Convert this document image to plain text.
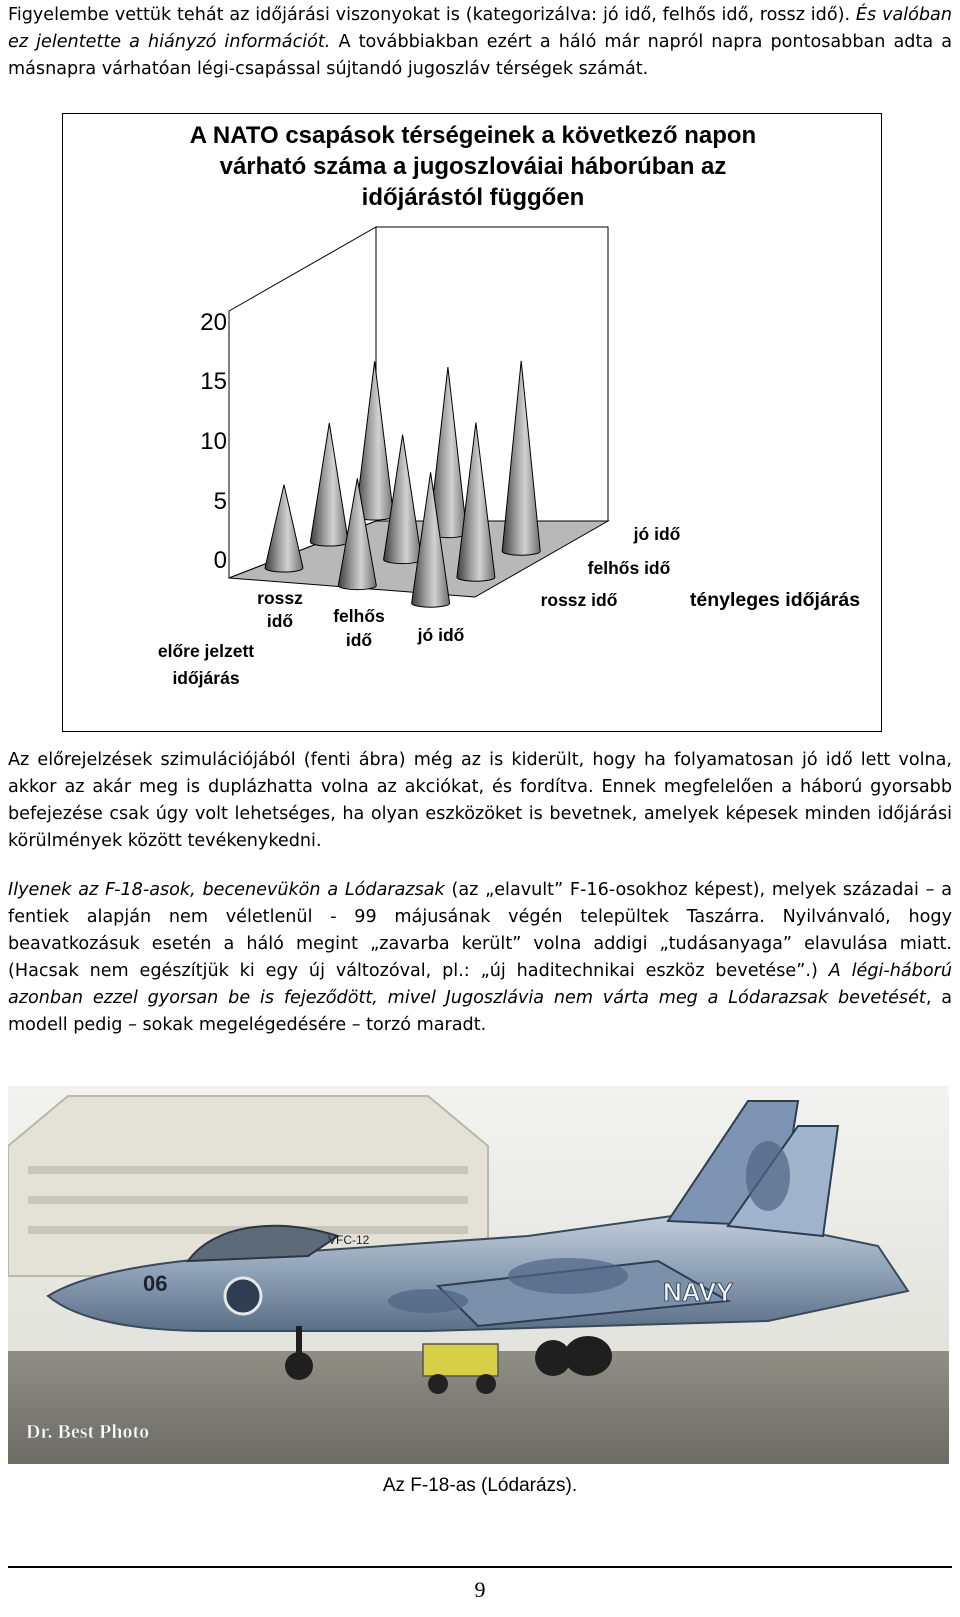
Figyelembe vettük tehát az időjárási viszonyokat is (kategorizálva: jó idő, felhős idő, rossz idő). És valóban ez jelentette a hiányzó információt. A továbbiakban ezért a háló már napról napra pontosabban adta a másnapra várhatóan légi-csapással sújtandó jugoszláv térségek számát.

A NATO csapások térségeinek a következő napon
várható száma a jugoszlováiai háborúban az
időjárástól függően
20
15
10
5
0
rossz
idő felhős
idő	jó idő
előre jelzett
időjárás
jó idő
felhős idő
rossz idő	tényleges időjárás

Az előrejelzések szimulációjából (fenti ábra) még az is kiderült, hogy ha folyamatosan jó idő lett volna, akkor az akár meg is duplázhatta volna az akciókat, és fordítva. Ennek megfelelően a háború gyorsabb befejezése csak úgy volt lehetséges, ha olyan eszközöket is bevetnek, amelyek képesek minden időjárási körülmények között tevékenykedni.

Ilyenek az F-18-asok, becenevükön a Lódarazsak (az „elavult” F-16-osokhoz képest), melyek századai – a fentiek alapján nem véletlenül - 99 májusának végén települtek Taszárra. Nyilvánvaló, hogy beavatkozásuk esetén a háló megint „zavarba került” volna addigi „tudásanyaga” elavulása miatt. (Hacsak nem egészítjük ki egy új változóval, pl.: „új haditechnikai eszköz bevetése”.) A légi-háború azonban ezzel gyorsan be is fejeződött, mivel Jugoszlávia nem várta meg a Lódarazsak bevetését, a modell pedig – sokak megelégedésére – torzó maradt.

06
VFC-12
NAVY
Dr. Best Photo
Az F-18-as (Lódarázs).
9
